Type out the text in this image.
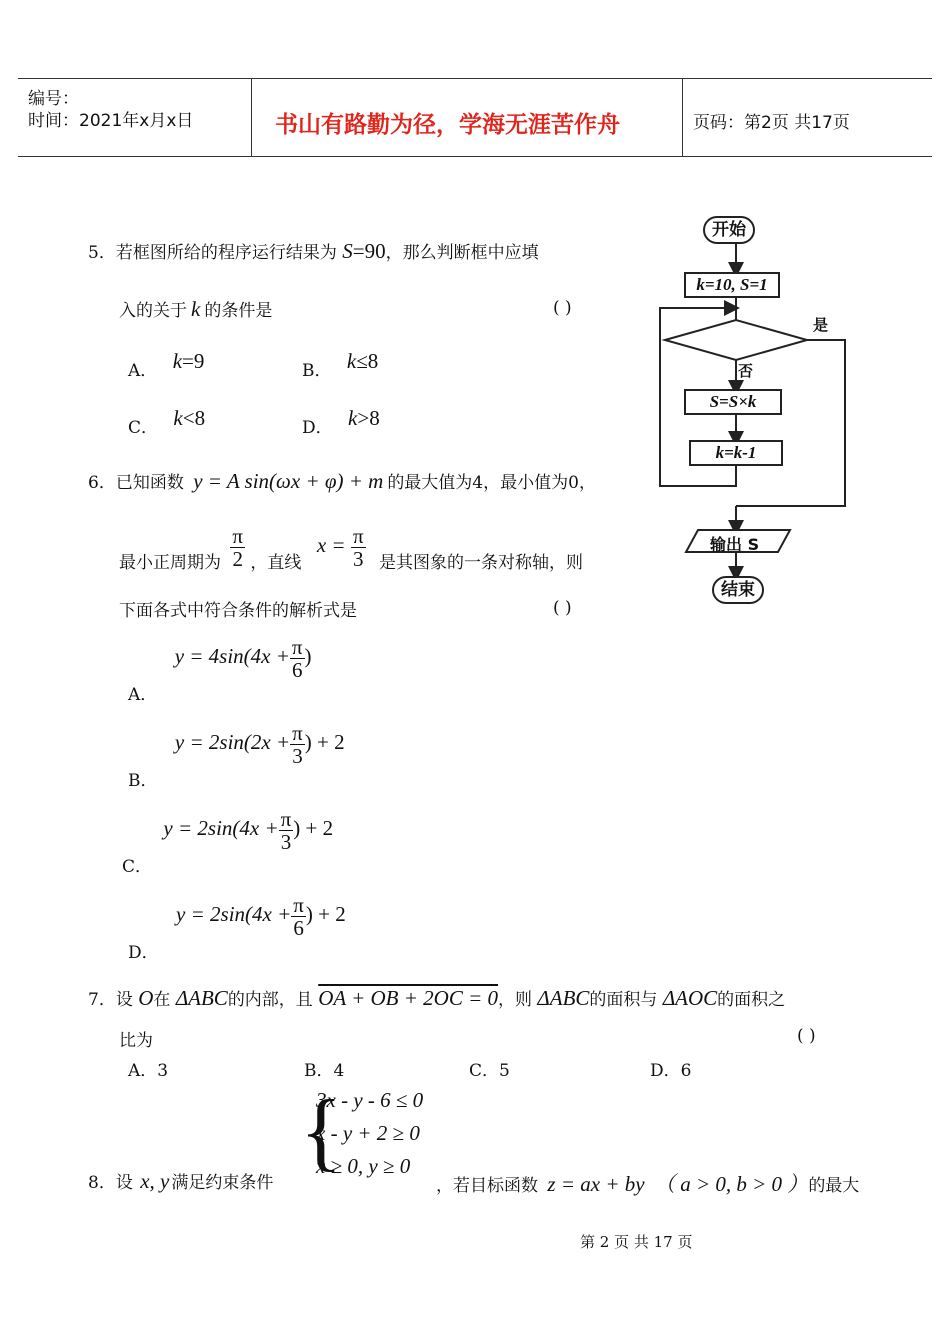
编号：
时间：2021年x月x日	书山有路勤为径，学海无涯苦作舟	页码：第2页 共17页
5．若框图所给的程序运行结果为 S=90，那么判断框中应填
入的关于 k 的条件是	( )
A． k=9	B． k≤8
C． k<8	D． k>8
开始
k=10, S=1
是
否
S=S×k
k=k-1
输出 S
结束
6．已知函数 y = A sin(ωx + φ) + m 的最大值为4，最小值为0，
最小正周期为 $\frac{\pi}{2}$ ，直线 $x = \frac{\pi}{3}$ 是其图象的一条对称轴，则
下面各式中符合条件的解析式是	( )
A． $y = 4\sin(4x + \frac{\pi}{6}$ )
B． $y = 2\sin(2x + \frac{\pi}{3}$ ) + 2
C． $y = 2\sin(4x + \frac{\pi}{3}$ ) + 2
D． $y = 2\sin(4x + \frac{\pi}{6}$ ) + 2
7．设 O在 ΔABC的内部，且 OA + OB + 2OC = 0，则 ΔABC的面积与 ΔAOC的面积之
比为	( )
A．3	B．4	C．5	D．6
{
3x - y - 6 ≤ 0
x - y + 2 ≥ 0
x ≥ 0, y ≥ 0
8．设 x, y 满足约束条件	，若目标函数 z = ax + by （ a > 0, b > 0 ）的最大
第 2 页 共 17 页
